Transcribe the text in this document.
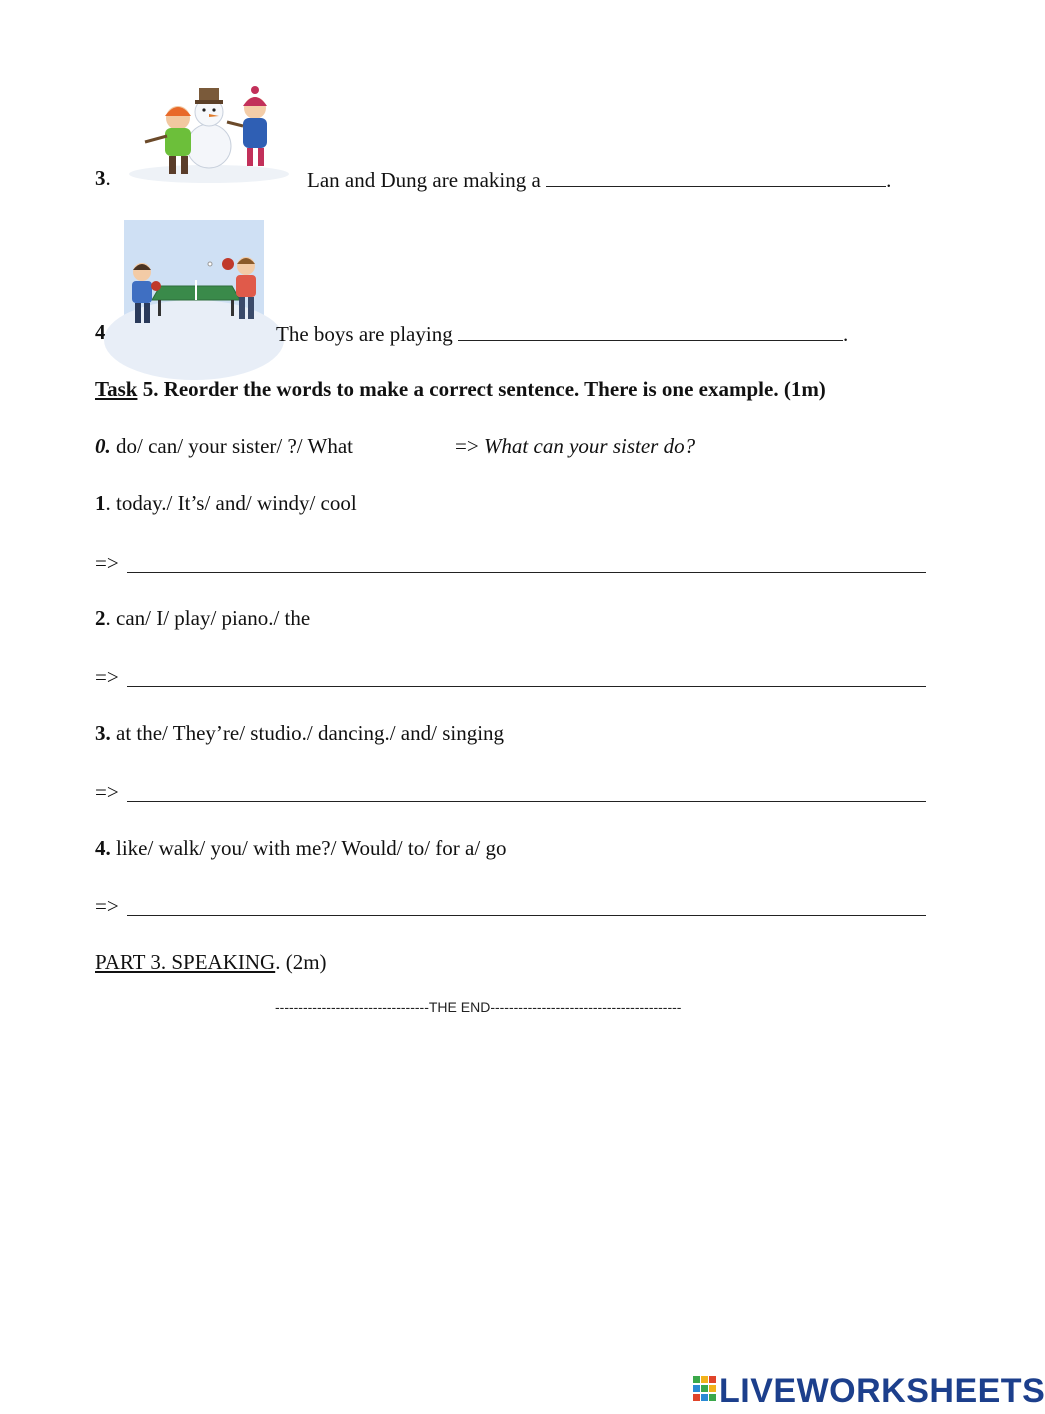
3.	Lan and Dung are making a	.
4	The boys are playing	.
Task 5. Reorder the words to make a correct sentence. There is one example. (1m)
0. do/ can/ your sister/ ?/ What	=> What can your sister do?
1. today./ It’s/ and/ windy/ cool
=>
2. can/ I/ play/ piano./ the
=>
3. at the/ They’re/ studio./ dancing./ and/ singing
=>
4. like/ walk/ you/ with me?/ Would/ to/ for a/ go
=>
PART 3. SPEAKING. (2m)
---------------------------------THE END-----------------------------------------
LIVEWORKSHEETS
